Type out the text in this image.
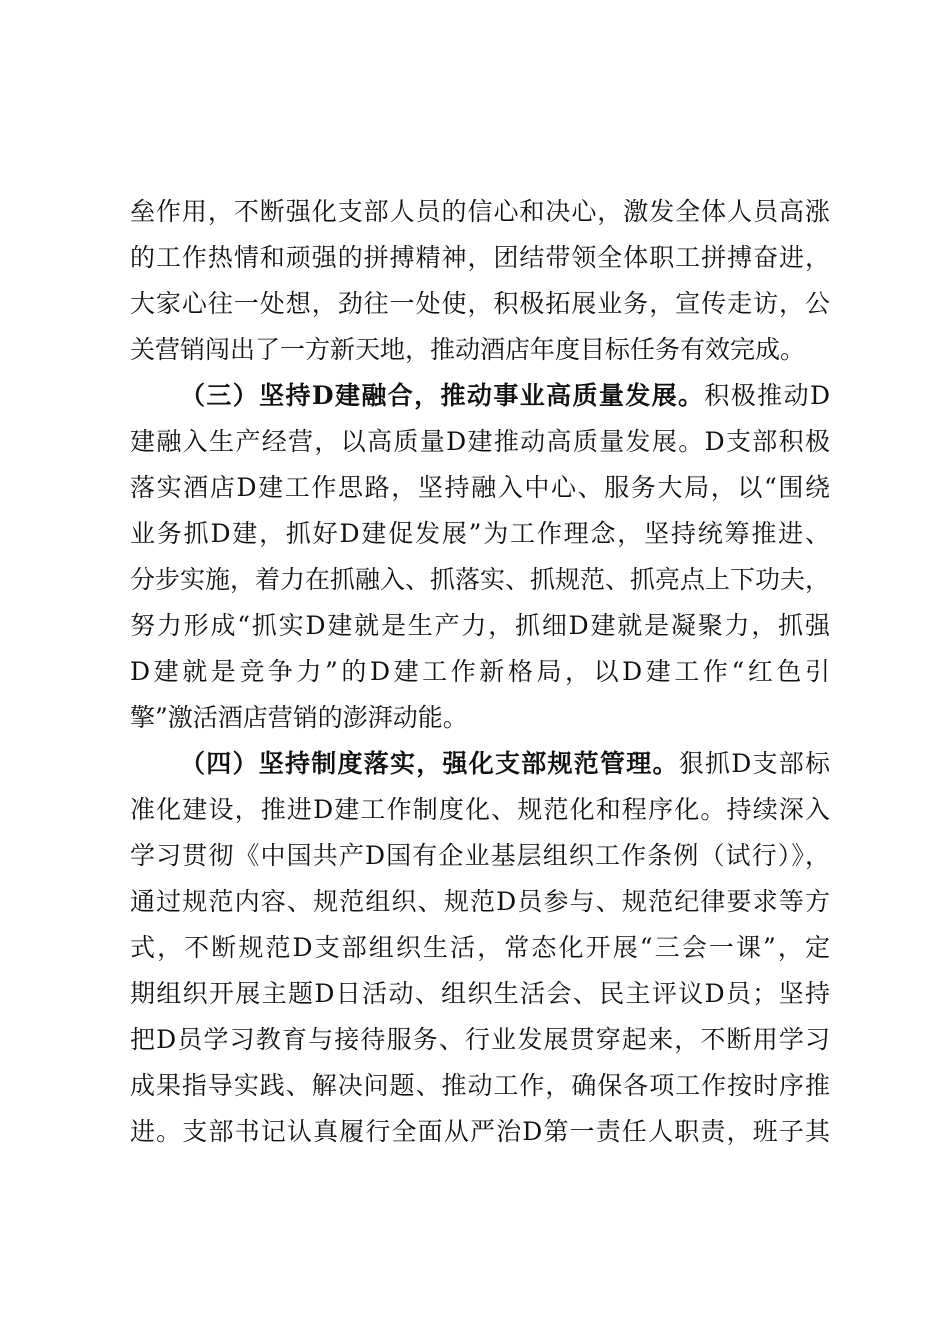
垒作用，不断强化支部人员的信心和决心，激发全体人员高涨
的工作热情和顽强的拼搏精神，团结带领全体职工拼搏奋进，
大家心往一处想，劲往一处使，积极拓展业务，宣传走访，公
关营销闯出了一方新天地，推动酒店年度目标任务有效完成。
（三）坚持D建融合，推动事业高质量发展。积极推动D
建融入生产经营，以高质量D建推动高质量发展。D支部积极
落实酒店D建工作思路，坚持融入中心、服务大局，以“围绕
业务抓D建，抓好D建促发展”为工作理念，坚持统筹推进、
分步实施，着力在抓融入、抓落实、抓规范、抓亮点上下功夫，
努力形成“抓实D建就是生产力，抓细D建就是凝聚力，抓强
D建就是竞争力”的D建工作新格局，以D建工作“红色引
擎”激活酒店营销的澎湃动能。
（四）坚持制度落实，强化支部规范管理。狠抓D支部标
准化建设，推进D建工作制度化、规范化和程序化。持续深入
学习贯彻《中国共产D国有企业基层组织工作条例（试行）》，
通过规范内容、规范组织、规范D员参与、规范纪律要求等方
式，不断规范D支部组织生活，常态化开展“三会一课”，定
期组织开展主题D日活动、组织生活会、民主评议D员；坚持
把D员学习教育与接待服务、行业发展贯穿起来，不断用学习
成果指导实践、解决问题、推动工作，确保各项工作按时序推
进。支部书记认真履行全面从严治D第一责任人职责，班子其
